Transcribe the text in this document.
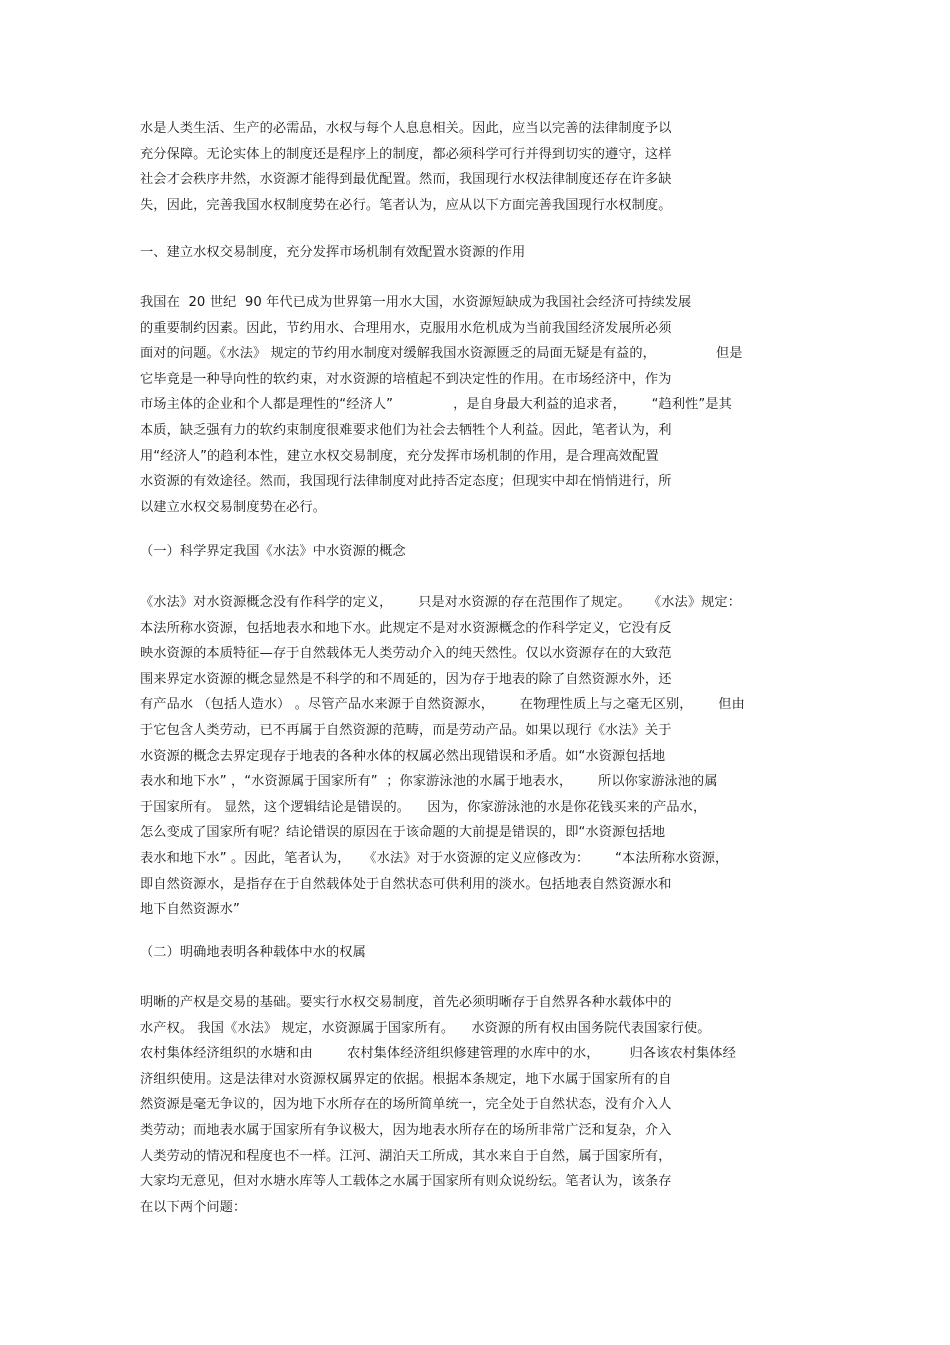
水是人类生活、生产的必需品，水权与每个人息息相关。因此，应当以完善的法律制度予以
充分保障。无论实体上的制度还是程序上的制度，都必须科学可行并得到切实的遵守，这样
社会才会秩序井然，水资源才能得到最优配置。然而，我国现行水权法律制度还存在许多缺
失，因此，完善我国水权制度势在必行。笔者认为，应从以下方面完善我国现行水权制度。
一、建立水权交易制度，充分发挥市场机制有效配置水资源的作用
我国在  20 世纪  90 年代已成为世界第一用水大国，水资源短缺成为我国社会经济可持续发展
的重要制约因素。因此，节约用水、合理用水，克服用水危机成为当前我国经济发展所必须
面对的问题。《水法》 规定的节约用水制度对缓解我国水资源匮乏的局面无疑是有益的，              但是
它毕竟是一种导向性的软约束，对水资源的培植起不到决定性的作用。在市场经济中，作为
市场主体的企业和个人都是理性的“经济人”              ，是自身最大利益的追求者，      “趋利性”是其
本质，缺乏强有力的软约束制度很难要求他们为社会去牺牲个人利益。因此，笔者认为，利
用“经济人”的趋利本性，建立水权交易制度，充分发挥市场机制的作用，是合理高效配置
水资源的有效途径。然而，我国现行法律制度对此持否定态度；但现实中却在悄悄进行，所
以建立水权交易制度势在必行。
（一）科学界定我国《水法》中水资源的概念
《水法》对水资源概念没有作科学的定义，      只是对水资源的存在范围作了规定。    《水法》规定：
本法所称水资源，包括地表水和地下水。此规定不是对水资源概念的作科学定义，它没有反
映水资源的本质特征—存于自然载体无人类劳动介入的纯天然性。仅以水资源存在的大致范
围来界定水资源的概念显然是不科学的和不周延的，因为存于地表的除了自然资源水外，还
有产品水 （包括人造水） 。尽管产品水来源于自然资源水，      在物理性质上与之毫无区别，      但由
于它包含人类劳动，已不再属于自然资源的范畴，而是劳动产品。如果以现行《水法》关于
水资源的概念去界定现存于地表的各种水体的权属必然出现错误和矛盾。如“水资源包括地
表水和地下水” ，“水资源属于国家所有”  ；你家游泳池的水属于地表水，      所以你家游泳池的属
于国家所有。 显然，这个逻辑结论是错误的。    因为，你家游泳池的水是你花钱买来的产品水，
怎么变成了国家所有呢？结论错误的原因在于该命题的大前提是错误的，即“水资源包括地
表水和地下水” 。因此，笔者认为，   《水法》对于水资源的定义应修改为：      “本法所称水资源，
即自然资源水，是指存在于自然载体处于自然状态可供利用的淡水。包括地表自然资源水和
地下自然资源水”
（二）明确地表明各种载体中水的权属
明晰的产权是交易的基础。要实行水权交易制度，首先必须明晰存于自然界各种水载体中的
水产权。 我国《水法》 规定，水资源属于国家所有。    水资源的所有权由国务院代表国家行使。
农村集体经济组织的水塘和由        农村集体经济组织修建管理的水库中的水，       归各该农村集体经
济组织使用。这是法律对水资源权属界定的依据。根据本条规定，地下水属于国家所有的自
然资源是毫无争议的，因为地下水所存在的场所简单统一，完全处于自然状态，没有介入人
类劳动；而地表水属于国家所有争议极大，因为地表水所存在的场所非常广泛和复杂，介入
人类劳动的情况和程度也不一样。江河、湖泊天工所成，其水来自于自然，属于国家所有，
大家均无意见，但对水塘水库等人工载体之水属于国家所有则众说纷纭。笔者认为，该条存
在以下两个问题：
